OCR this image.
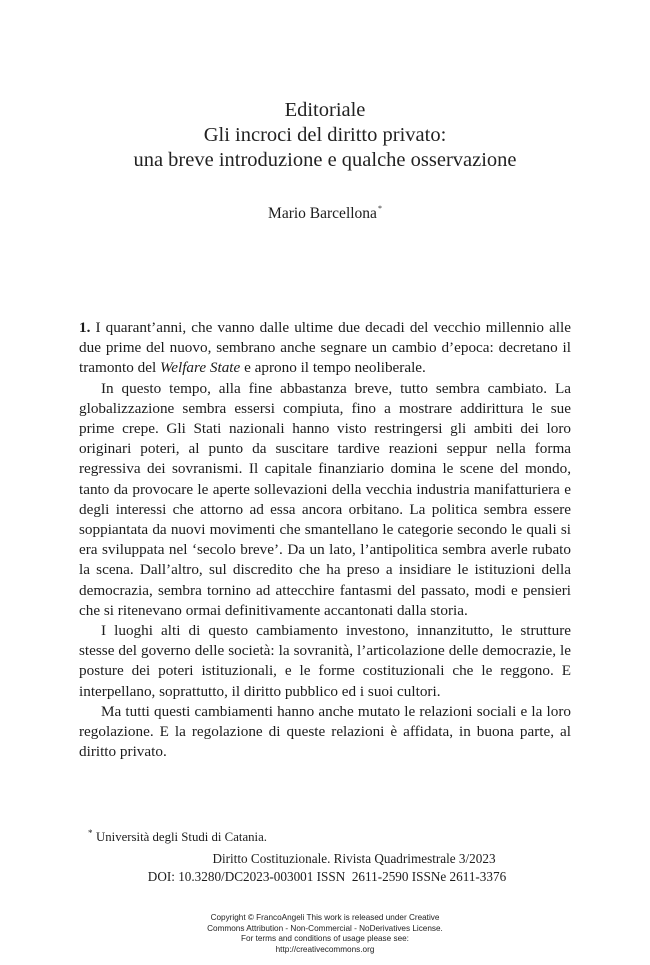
Editoriale
Gli incroci del diritto privato:
una breve introduzione e qualche osservazione
Mario Barcellona*

1. I quarant’anni, che vanno dalle ultime due decadi del vecchio millennio alle due prime del nuovo, sembrano anche segnare un cambio d’epoca: decretano il tramonto del Welfare State e aprono il tempo neoliberale.

In questo tempo, alla fine abbastanza breve, tutto sembra cambiato. La globalizzazione sembra essersi compiuta, fino a mostrare addirittura le sue prime crepe. Gli Stati nazionali hanno visto restringersi gli ambiti dei loro originari poteri, al punto da suscitare tardive reazioni seppur nella forma regressiva dei sovranismi. Il capitale finanziario domina le scene del mondo, tanto da provocare le aperte sollevazioni della vecchia industria manifatturiera e degli interessi che attorno ad essa ancora orbitano. La politica sembra essere soppiantata da nuovi movimenti che smantellano le categorie secondo le quali si era sviluppata nel ‘secolo breve’. Da un lato, l’antipolitica sembra averle rubato la scena. Dall’altro, sul discredito che ha preso a insidiare le istituzioni della democrazia, sembra tornino ad attecchire fantasmi del passato, modi e pensieri che si ritenevano ormai definitivamente accantonati dalla storia.

I luoghi alti di questo cambiamento investono, innanzitutto, le strutture stesse del governo delle società: la sovranità, l’articolazione delle democrazie, le posture dei poteri istituzionali, e le forme costituzionali che le reggono. E interpellano, soprattutto, il diritto pubblico ed i suoi cultori.

Ma tutti questi cambiamenti hanno anche mutato le relazioni sociali e la loro regolazione. E la regolazione di queste relazioni è affidata, in buona parte, al diritto privato.

* Università degli Studi di Catania.
Diritto Costituzionale. Rivista Quadrimestrale 3/2023
DOI: 10.3280/DC2023-003001 ISSN  2611-2590 ISSNe 2611-3376
Copyright © FrancoAngeli This work is released under Creative
Commons Attribution - Non-Commercial - NoDerivatives License.
For terms and conditions of usage please see:
http://creativecommons.org
